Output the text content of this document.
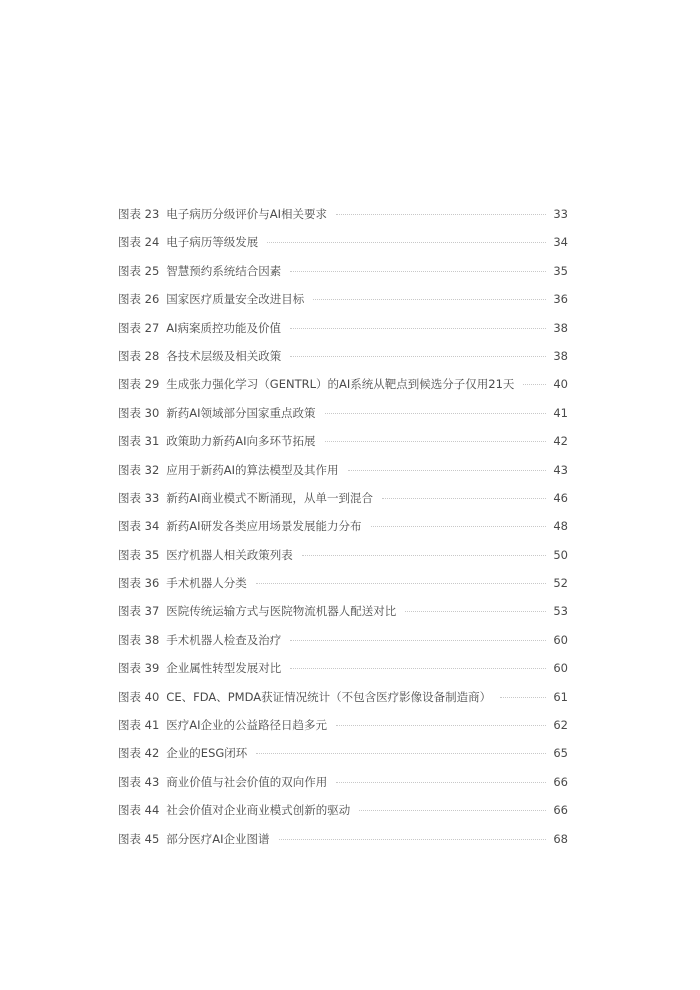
图表 23 电子病历分级评价与AI相关要求	33
图表 24 电子病历等级发展	34
图表 25 智慧预约系统结合因素	35
图表 26 国家医疗质量安全改进目标	36
图表 27 AI病案质控功能及价值	38
图表 28 各技术层级及相关政策	38
图表 29 生成张力强化学习（GENTRL）的AI系统从靶点到候选分子仅用21天	40
图表 30 新药AI领域部分国家重点政策	41
图表 31 政策助力新药AI向多环节拓展	42
图表 32 应用于新药AI的算法模型及其作用	43
图表 33 新药AI商业模式不断涌现，从单一到混合	46
图表 34 新药AI研发各类应用场景发展能力分布	48
图表 35 医疗机器人相关政策列表	50
图表 36 手术机器人分类	52
图表 37 医院传统运输方式与医院物流机器人配送对比	53
图表 38 手术机器人检查及治疗	60
图表 39 企业属性转型发展对比	60
图表 40 CE、FDA、PMDA获证情况统计（不包含医疗影像设备制造商）	61
图表 41 医疗AI企业的公益路径日趋多元	62
图表 42 企业的ESG闭环	65
图表 43 商业价值与社会价值的双向作用	66
图表 44 社会价值对企业商业模式创新的驱动	66
图表 45 部分医疗AI企业图谱	68
